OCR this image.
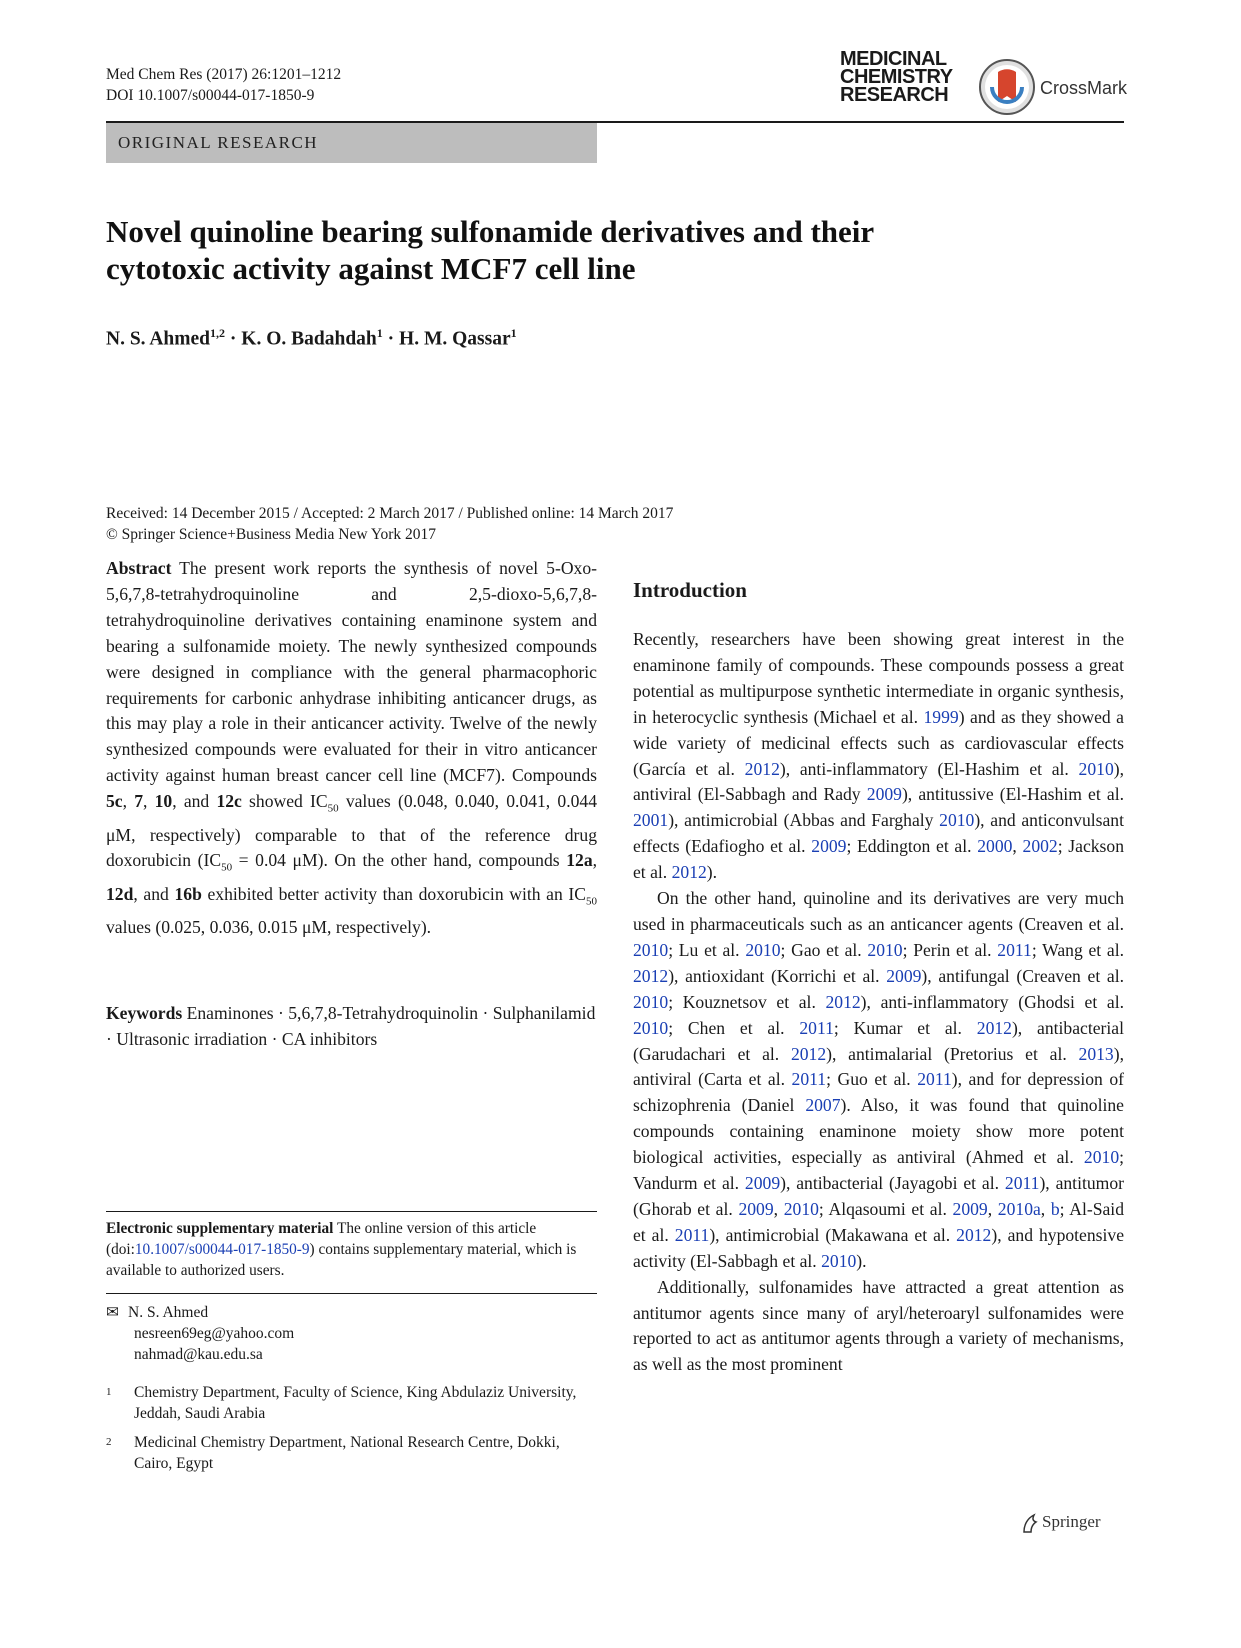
Med Chem Res (2017) 26:1201–1212
DOI 10.1007/s00044-017-1850-9
MEDICINAL
CHEMISTRY
RESEARCH	CrossMark
ORIGINAL RESEARCH
Novel quinoline bearing sulfonamide derivatives and their
cytotoxic activity against MCF7 cell line
N. S. Ahmed$^{1,2}$ · K. O. Badahdah$^1$ · H. M. Qassar$^1$
Received: 14 December 2015 / Accepted: 2 March 2017 / Published online: 14 March 2017
© Springer Science+Business Media New York 2017

Abstract The present work reports the synthesis of novel 5-Oxo-5,6,7,8-tetrahydroquinoline and 2,5-dioxo-5,6,7,8-tetrahydroquinoline derivatives containing enaminone system and bearing a sulfonamide moiety. The newly synthesized compounds were designed in compliance with the general pharmacophoric requirements for carbonic anhydrase inhibiting anticancer drugs, as this may play a role in their anticancer activity. Twelve of the newly synthesized compounds were evaluated for their in vitro anticancer activity against human breast cancer cell line (MCF7). Compounds 5c, 7, 10, and 12c showed $IC_{50}$ values (0.048, 0.040, 0.041, 0.044 μM, respectively) comparable to that of the reference drug doxorubicin ($IC_{50} = 0.04$ μM). On the other hand, compounds 12a, 12d, and 16b exhibited better activity than doxorubicin with an $IC_{50}$ values (0.025, 0.036, 0.015 μM, respectively).

Keywords Enaminones · 5,6,7,8-Tetrahydroquinolin · Sulphanilamid · Ultrasonic irradiation · CA inhibitors

Electronic supplementary material The online version of this article (doi:10.1007/s00044-017-1850-9) contains supplementary material, which is available to authorized users.
✉ N. S. Ahmed
nesreen69eg@yahoo.com
nahmad@kau.edu.sa
1	Chemistry Department, Faculty of Science, King Abdulaziz University, Jeddah, Saudi Arabia
2	Medicinal Chemistry Department, National Research Centre, Dokki, Cairo, Egypt
Introduction

Recently, researchers have been showing great interest in the enaminone family of compounds. These compounds possess a great potential as multipurpose synthetic intermediate in organic synthesis, in heterocyclic synthesis (Michael et al. 1999) and as they showed a wide variety of medicinal effects such as cardiovascular effects (García et al. 2012), anti-inflammatory (El-Hashim et al. 2010), antiviral (El-Sabbagh and Rady 2009), antitussive (El-Hashim et al. 2001), antimicrobial (Abbas and Farghaly 2010), and anticonvulsant effects (Edafiogho et al. 2009; Eddington et al. 2000, 2002; Jackson et al. 2012).

On the other hand, quinoline and its derivatives are very much used in pharmaceuticals such as an anticancer agents (Creaven et al. 2010; Lu et al. 2010; Gao et al. 2010; Perin et al. 2011; Wang et al. 2012), antioxidant (Korrichi et al. 2009), antifungal (Creaven et al. 2010; Kouznetsov et al. 2012), anti-inflammatory (Ghodsi et al. 2010; Chen et al. 2011; Kumar et al. 2012), antibacterial (Garudachari et al. 2012), antimalarial (Pretorius et al. 2013), antiviral (Carta et al. 2011; Guo et al. 2011), and for depression of schizophrenia (Daniel 2007). Also, it was found that quinoline compounds containing enaminone moiety show more potent biological activities, especially as antiviral (Ahmed et al. 2010; Vandurm et al. 2009), antibacterial (Jayagobi et al. 2011), antitumor (Ghorab et al. 2009, 2010; Alqasoumi et al. 2009, 2010a, b; Al-Said et al. 2011), antimicrobial (Makawana et al. 2012), and hypotensive activity (El-Sabbagh et al. 2010).

Additionally, sulfonamides have attracted a great attention as antitumor agents since many of aryl/heteroaryl sulfonamides were reported to act as antitumor agents through a variety of mechanisms, as well as the most prominent

Springer
